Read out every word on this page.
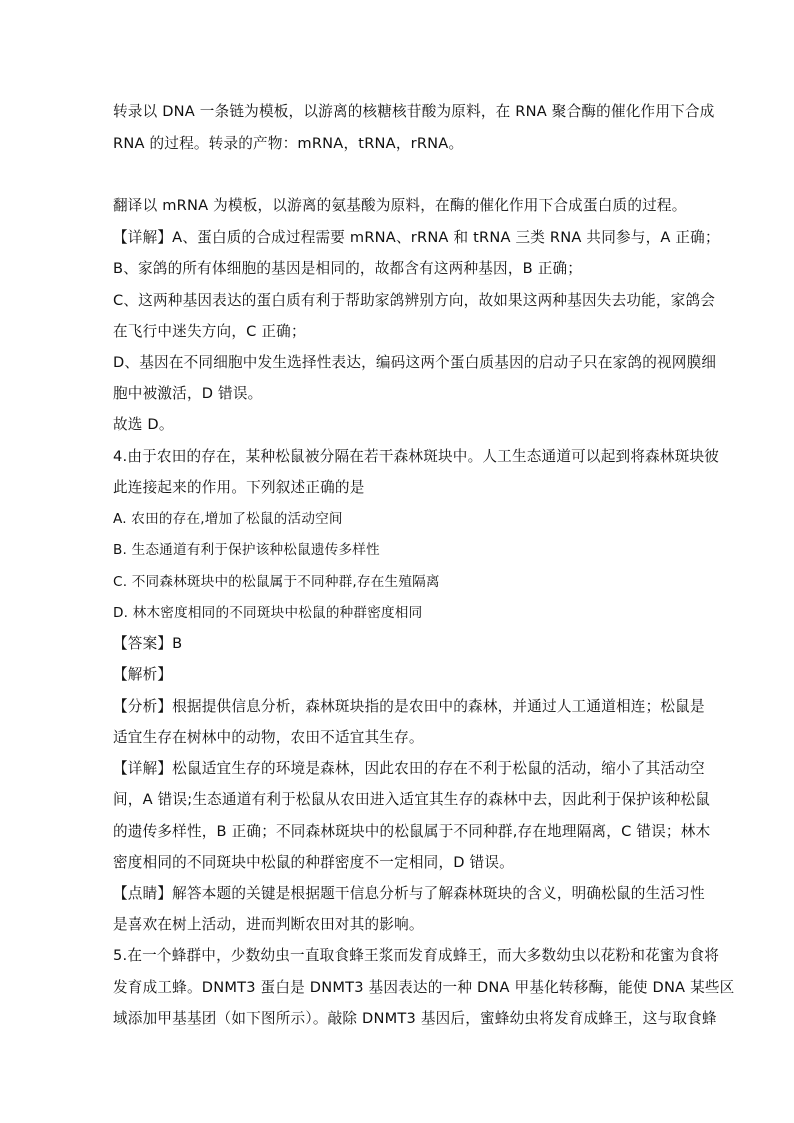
转录以 DNA 一条链为模板，以游离的核糖核苷酸为原料，在 RNA 聚合酶的催化作用下合成
RNA 的过程。转录的产物：mRNA，tRNA，rRNA。
翻译以 mRNA 为模板，以游离的氨基酸为原料，在酶的催化作用下合成蛋白质的过程。
【详解】A、蛋白质的合成过程需要 mRNA、rRNA 和 tRNA 三类 RNA 共同参与，A 正确；
B、家鸽的所有体细胞的基因是相同的，故都含有这两种基因，B 正确；
C、这两种基因表达的蛋白质有利于帮助家鸽辨别方向，故如果这两种基因失去功能，家鸽会
在飞行中迷失方向，C 正确；
D、基因在不同细胞中发生选择性表达，编码这两个蛋白质基因的启动子只在家鸽的视网膜细
胞中被激活，D 错误。
故选 D。
4.由于农田的存在，某种松鼠被分隔在若干森林斑块中。人工生态通道可以起到将森林斑块彼
此连接起来的作用。下列叙述正确的是
A. 农田的存在,增加了松鼠的活动空间
B. 生态通道有利于保护该种松鼠遗传多样性
C. 不同森林斑块中的松鼠属于不同种群,存在生殖隔离
D. 林木密度相同的不同斑块中松鼠的种群密度相同
【答案】B
【解析】
【分析】根据提供信息分析，森林斑块指的是农田中的森林，并通过人工通道相连；松鼠是
适宜生存在树林中的动物，农田不适宜其生存。
【详解】松鼠适宜生存的环境是森林，因此农田的存在不利于松鼠的活动，缩小了其活动空
间，A 错误;生态通道有利于松鼠从农田进入适宜其生存的森林中去，因此利于保护该种松鼠
的遗传多样性，B 正确；不同森林斑块中的松鼠属于不同种群,存在地理隔离，C 错误；林木
密度相同的不同斑块中松鼠的种群密度不一定相同，D 错误。
【点睛】解答本题的关键是根据题干信息分析与了解森林斑块的含义，明确松鼠的生活习性
是喜欢在树上活动，进而判断农田对其的影响。
5.在一个蜂群中，少数幼虫一直取食蜂王浆而发育成蜂王，而大多数幼虫以花粉和花蜜为食将
发育成工蜂。DNMT3 蛋白是 DNMT3 基因表达的一种 DNA 甲基化转移酶，能使 DNA 某些区
域添加甲基基团（如下图所示）。敲除 DNMT3 基因后，蜜蜂幼虫将发育成蜂王，这与取食蜂
